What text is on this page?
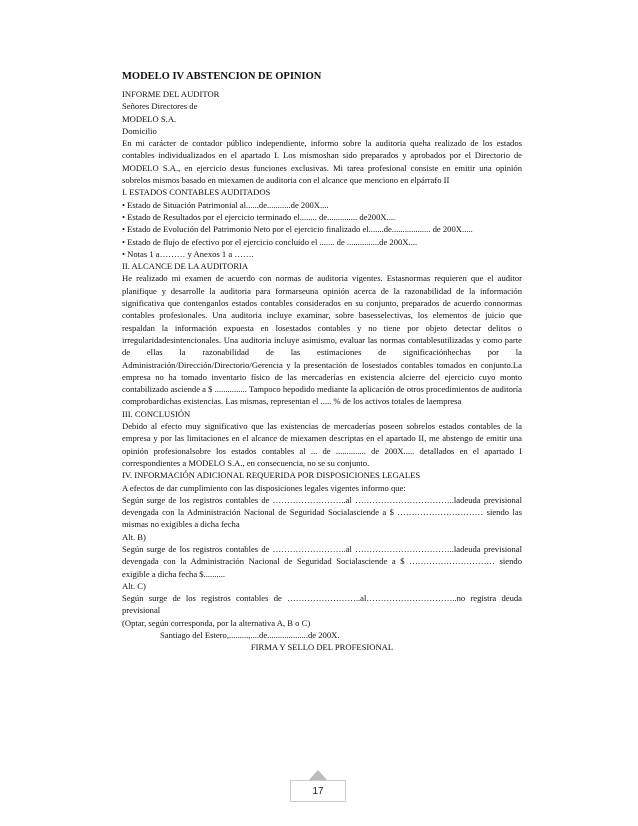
MODELO IV ABSTENCION DE OPINION

INFORME DEL AUDITOR

Señores Directores de

MODELO S.A.

Domicilio

En mi carácter de contador público independiente, informo sobre la auditoria queha realizado de los estados contables individualizados en el apartado I. Los mismoshan sido preparados y aprobados por el Directorio de MODELO S.A., en ejercicio desus funciones exclusivas. Mi tarea profesional consiste en emitir una opinión sobrelos mismos basado en miexamen de auditoria con el alcance que menciono en elpárrafo II

I. ESTADOS CONTABLES AUDITADOS

• Estado de Situación Patrimonial al......de...........de 200X....

• Estado de Resultados por el ejercicio terminado el........ de.............. de200X....

• Estado de Evolución del Patrimonio Neto por el ejercicio finalizado el.......de.................. de 200X.....

• Estado de flujo de efectivo por el ejercicio concluido el ....... de ...............de 200X....

• Notas 1 a……… y Anexos 1 a …….

II. ALCANCE DE LA AUDITORIA

He realizado mi examen de acuerdo con normas de auditoria vigentes. Estasnormas requieren que el auditor planifique y desarrolle la auditoria para formarseuna opinión acerca de la razonabilidad de la información significativa que contenganlos estados contables considerados en su conjunto, preparados de acuerdo connormas contables profesionales. Una auditoria incluye examinar, sobre basesselectivas, los elementos de juicio que respaldan la información expuesta en losestados contables y no tiene por objeto detectar delitos o irregularidadesintencionales. Una auditoria incluye asimismo, evaluar las normas contablesutilizadas y como parte de ellas la razonabilidad de las estimaciones de significaciónhechas por la Administración/Dirección/Directorio/Gerencia y la presentación de losestados contables tomados en conjunto.La empresa no ha tomado inventario físico de las mercaderías en existencia alcierre del ejercicio cuyo monto contabilizado asciende a $ ............... Tampoco hepodido mediante la aplicación de otros procedimientos de auditoría comprobardichas existencias. Las mismas, representan el ..... % de los activos totales de laempresa

III. CONCLUSIÓN

Debido al efecto muy significativo que las existencias de mercaderías poseen sobrelos estados contables de la empresa y por las limitaciones en el alcance de miexamen descriptas en el apartado II, me abstengo de emitir una opinión profesionalsobre los estados contables al ... de .............. de 200X..... detallados en el apartado I correspondientes a MODELO S.A., en consecuencia, no se su conjunto.

IV. INFORMACIÓN ADICIONAL REQUERIDA POR DISPOSICIONES LEGALES

A efectos de dar cumplimiento con las disposiciones legales vigentes informo que:

Según surge de los registros contables de ……………………..al ……………………………..ladeuda previsional devengada con la Administración Nacional de Seguridad Socialasciende a $ ………………………… siendo las mismas no exigibles a dicha fecha

Alt. B)

Según surge de los registros contables de ……………………..al ……………………………..ladeuda previsional devengada con la Administración Nacional de Seguridad Socialasciende a $ ………………………… siendo exigible a dicha fecha $..........

Alt. C)

Según surge de los registros contables de ……………………..al…………………………..no registra deuda previsional

(Optar, según corresponda, por la alternativa A, B o C)

Santiago del Estero,.........,....de...................de 200X.

FIRMA Y SELLO DEL PROFESIONAL

17
